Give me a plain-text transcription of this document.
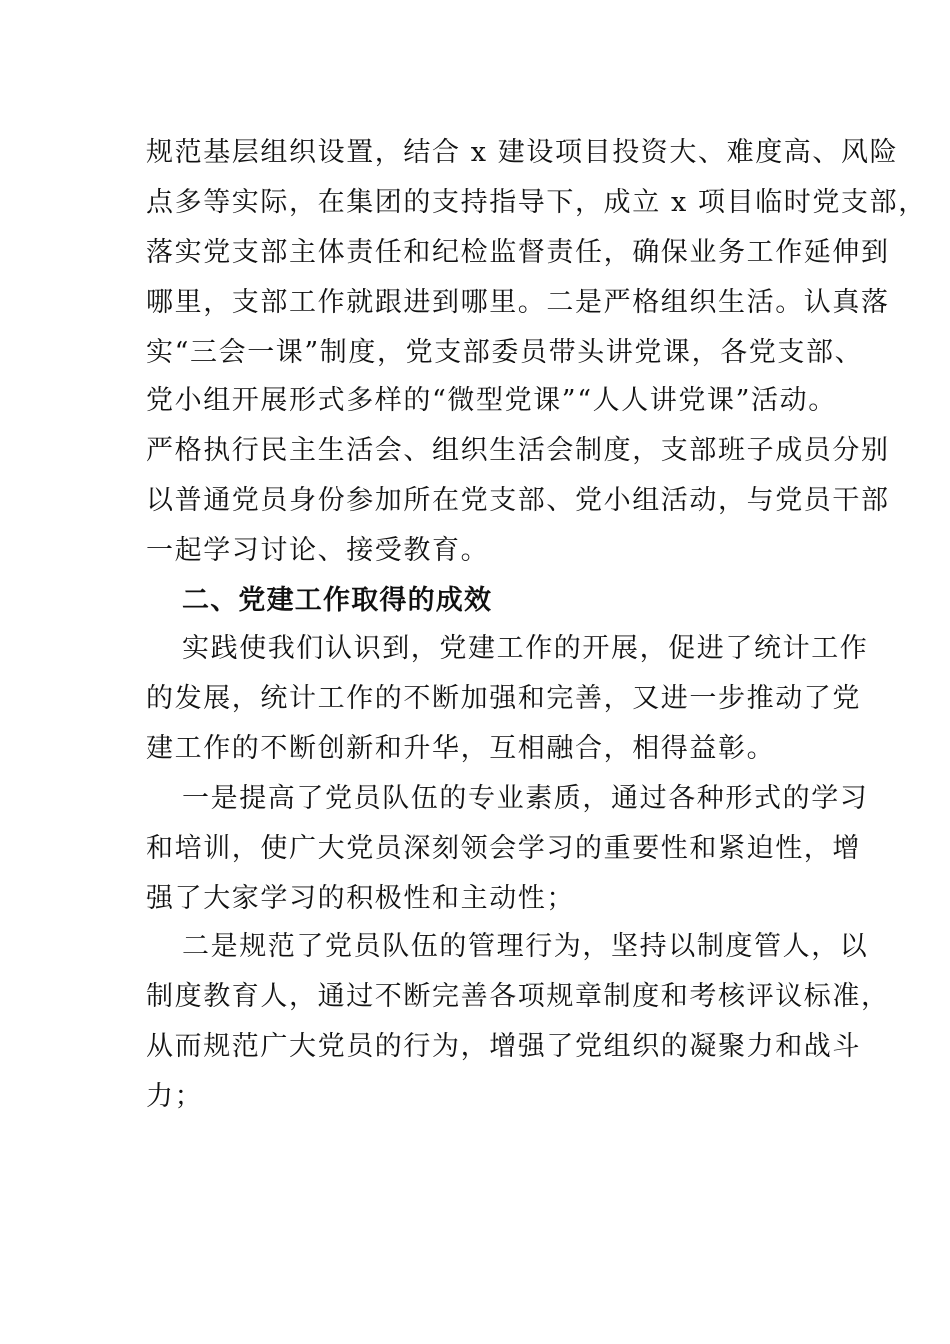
规范基层组织设置，结合 x 建设项目投资大、难度高、风险
点多等实际，在集团的支持指导下，成立 x 项目临时党支部，
落实党支部主体责任和纪检监督责任，确保业务工作延伸到
哪里，支部工作就跟进到哪里。二是严格组织生活。认真落
实“三会一课”制度，党支部委员带头讲党课，各党支部、
党小组开展形式多样的“微型党课”“人人讲党课”活动。
严格执行民主生活会、组织生活会制度，支部班子成员分别
以普通党员身份参加所在党支部、党小组活动，与党员干部
一起学习讨论、接受教育。
二、党建工作取得的成效
实践使我们认识到，党建工作的开展，促进了统计工作
的发展，统计工作的不断加强和完善，又进一步推动了党
建工作的不断创新和升华，互相融合，相得益彰。
一是提高了党员队伍的专业素质，通过各种形式的学习
和培训，使广大党员深刻领会学习的重要性和紧迫性，增
强了大家学习的积极性和主动性；
二是规范了党员队伍的管理行为，坚持以制度管人，以
制度教育人，通过不断完善各项规章制度和考核评议标准，
从而规范广大党员的行为，增强了党组织的凝聚力和战斗
力；
